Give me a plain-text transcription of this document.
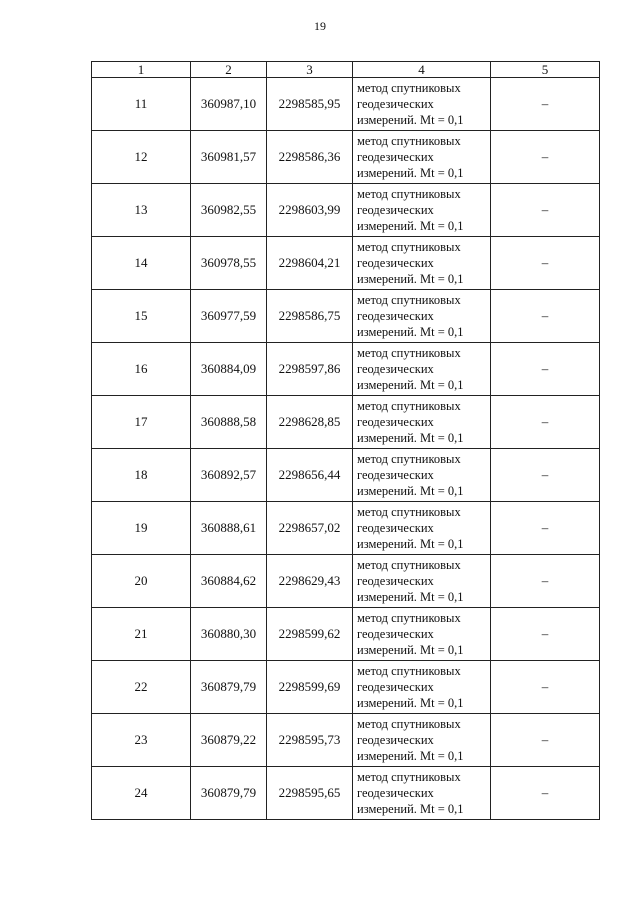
19
1	2	3	4	5
11	360987,10	2298585,95	метод спутниковых
геодезических
измерений. Mt = 0,1	–
12	360981,57	2298586,36	метод спутниковых
геодезических
измерений. Mt = 0,1	–
13	360982,55	2298603,99	метод спутниковых
геодезических
измерений. Mt = 0,1	–
14	360978,55	2298604,21	метод спутниковых
геодезических
измерений. Mt = 0,1	–
15	360977,59	2298586,75	метод спутниковых
геодезических
измерений. Mt = 0,1	–
16	360884,09	2298597,86	метод спутниковых
геодезических
измерений. Mt = 0,1	–
17	360888,58	2298628,85	метод спутниковых
геодезических
измерений. Mt = 0,1	–
18	360892,57	2298656,44	метод спутниковых
геодезических
измерений. Mt = 0,1	–
19	360888,61	2298657,02	метод спутниковых
геодезических
измерений. Mt = 0,1	–
20	360884,62	2298629,43	метод спутниковых
геодезических
измерений. Mt = 0,1	–
21	360880,30	2298599,62	метод спутниковых
геодезических
измерений. Mt = 0,1	–
22	360879,79	2298599,69	метод спутниковых
геодезических
измерений. Mt = 0,1	–
23	360879,22	2298595,73	метод спутниковых
геодезических
измерений. Mt = 0,1	–
24	360879,79	2298595,65	метод спутниковых
геодезических
измерений. Mt = 0,1	–
